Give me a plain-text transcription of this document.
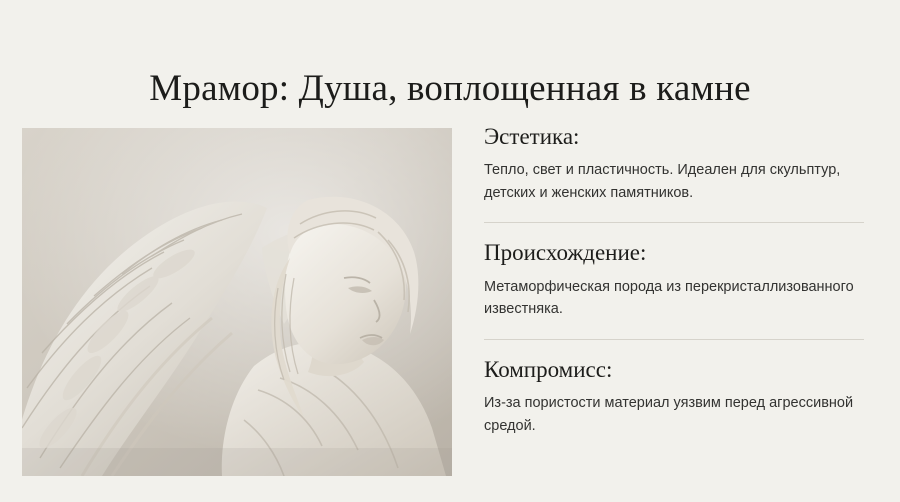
Мрамор: Душа, воплощенная в камне
Эстетика:

Тепло, свет и пластичность. Идеален для скульптур, детских и женских памятников.

Происхождение:

Метаморфическая порода из перекристаллизованного известняка.

Компромисс:

Из-за пористости материал уязвим перед агрессивной средой.
